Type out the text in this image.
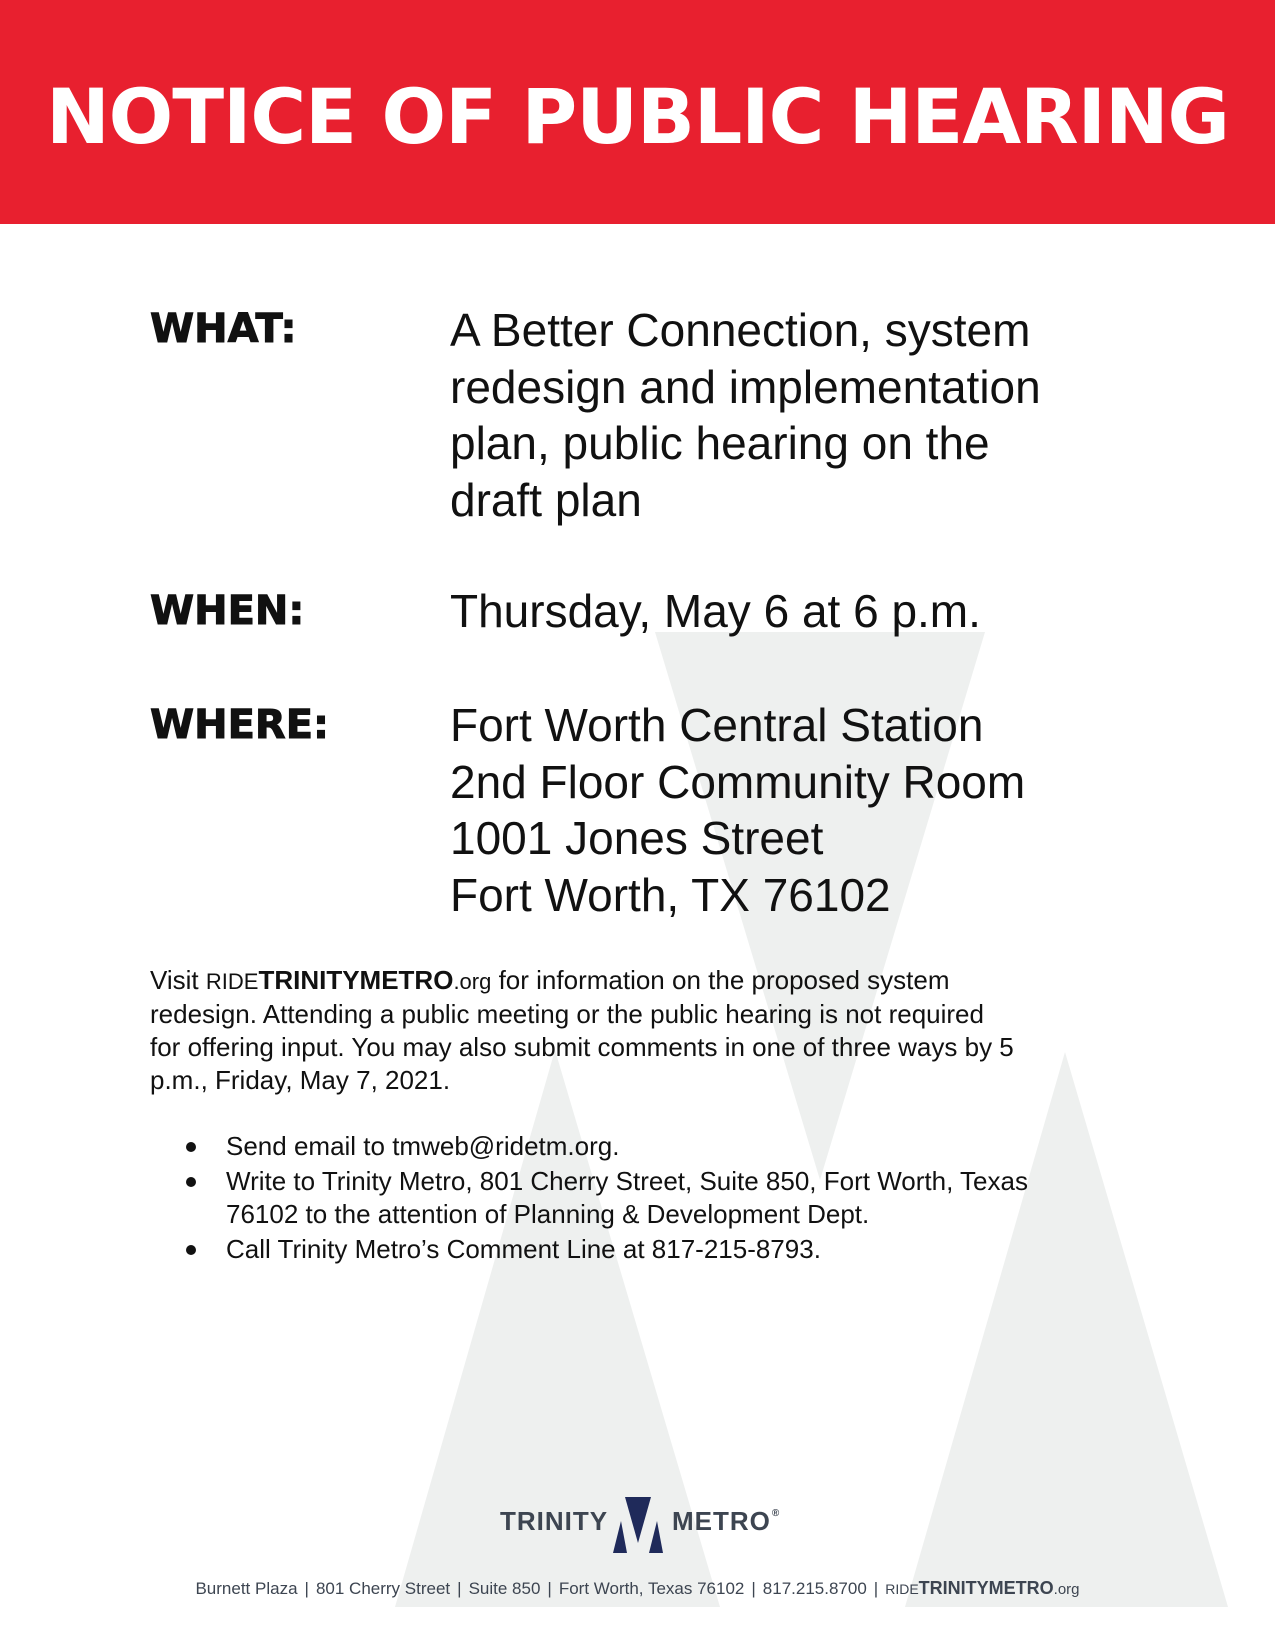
NOTICE OF PUBLIC HEARING
WHAT:	A Better Connection, system
redesign and implementation
plan, public hearing on the
draft plan
WHEN:	Thursday, May 6 at 6 p.m.
WHERE:	Fort Worth Central Station
2nd Floor Community Room
1001 Jones Street
Fort Worth, TX 76102
Visit RIDETRINITYMETRO.org for information on the proposed system
redesign. Attending a public meeting or the public hearing is not required
for offering input. You may also submit comments in one of three ways by 5
p.m., Friday, May 7, 2021.
Send email to tmweb@ridetm.org.
Write to Trinity Metro, 801 Cherry Street, Suite 850, Fort Worth, Texas
76102 to the attention of Planning & Development Dept.
Call Trinity Metro’s Comment Line at 817-215-8793.
TRINITY METRO®
Burnett Plaza | 801 Cherry Street | Suite 850 | Fort Worth, Texas 76102 | 817.215.8700 | RIDETRINITYMETRO.org
